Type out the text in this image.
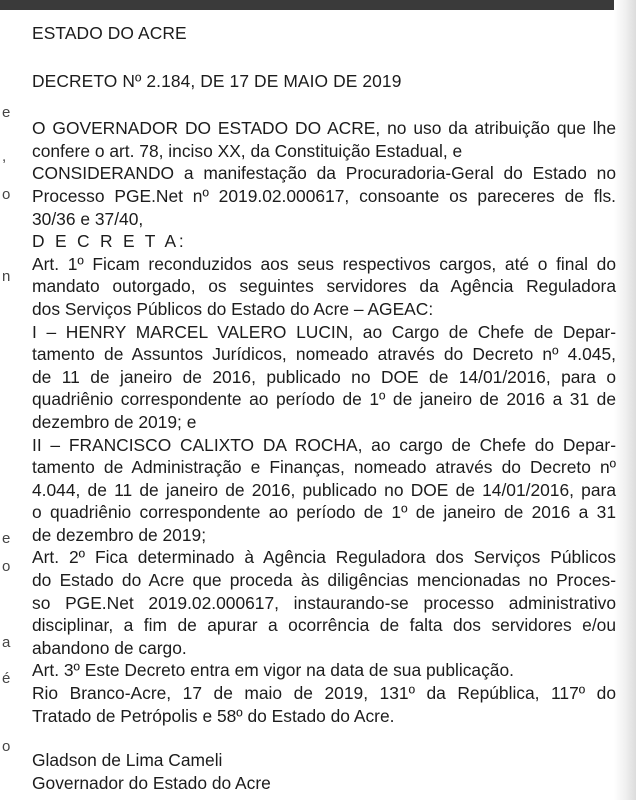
e
,
o
n
e
o
a
é
o

ESTADO DO ACRE

DECRETO Nº 2.184, DE 17 DE MAIO DE 2019

O GOVERNADOR DO ESTADO DO ACRE, no uso da atribuição que lhe

confere o art. 78, inciso XX, da Constituição Estadual, e

CONSIDERANDO a manifestação da Procuradoria-Geral do Estado no

Processo PGE.Net nº 2019.02.000617, consoante os pareceres de fls.

30/36 e 37/40,

D E C R E T A:

Art. 1º Ficam reconduzidos aos seus respectivos cargos, até o final do

mandato outorgado, os seguintes servidores da Agência Reguladora

dos Serviços Públicos do Estado do Acre – AGEAC:

I – HENRY MARCEL VALERO LUCIN, ao Cargo de Chefe de Depar-

tamento de Assuntos Jurídicos, nomeado através do Decreto nº 4.045,

de 11 de janeiro de 2016, publicado no DOE de 14/01/2016, para o

quadriênio correspondente ao período de 1º de janeiro de 2016 a 31 de

dezembro de 2019; e

II – FRANCISCO CALIXTO DA ROCHA, ao cargo de Chefe do Depar-

tamento de Administração e Finanças, nomeado através do Decreto nº

4.044, de 11 de janeiro de 2016, publicado no DOE de 14/01/2016, para

o quadriênio correspondente ao período de 1º de janeiro de 2016 a 31

de dezembro de 2019;

Art. 2º Fica determinado à Agência Reguladora dos Serviços Públicos

do Estado do Acre que proceda às diligências mencionadas no Proces-

so PGE.Net 2019.02.000617, instaurando-se processo administrativo

disciplinar, a fim de apurar a ocorrência de falta dos servidores e/ou

abandono de cargo.

Art. 3º Este Decreto entra em vigor na data de sua publicação.

Rio Branco-Acre, 17 de maio de 2019, 131º da República, 117º do

Tratado de Petrópolis e 58º do Estado do Acre.

Gladson de Lima Cameli

Governador do Estado do Acre
